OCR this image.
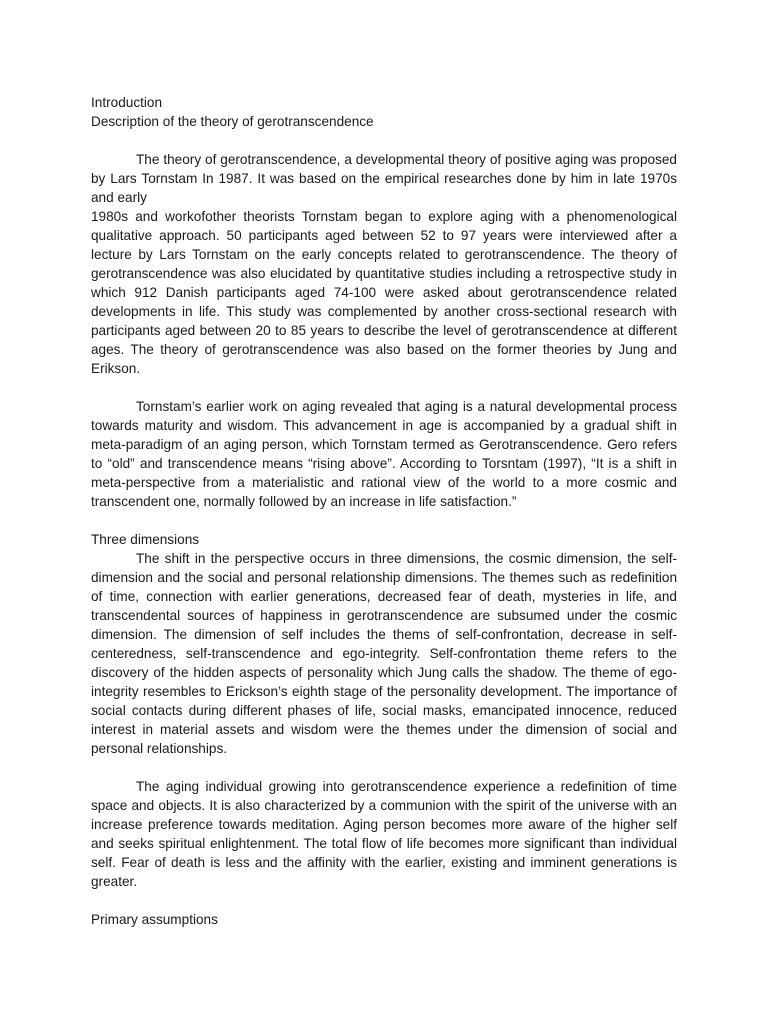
Introduction

Description of the theory of gerotranscendence

The theory of gerotranscendence, a developmental theory of positive aging was proposed by Lars Tornstam In 1987. It was based on the empirical researches done by him in late 1970s and early

1980s and workofother theorists Tornstam began to explore aging with a phenomenological qualitative approach. 50 participants aged between 52 to 97 years were interviewed after a lecture by Lars Tornstam on the early concepts related to gerotranscendence. The theory of gerotranscendence was also elucidated by quantitative studies including a retrospective study in which 912 Danish participants aged 74-100 were asked about gerotranscendence related developments in life. This study was complemented by another cross-sectional research with participants aged between 20 to 85 years to describe the level of gerotranscendence at different ages. The theory of gerotranscendence was also based on the former theories by Jung and Erikson.

Tornstam’s earlier work on aging revealed that aging is a natural developmental process towards maturity and wisdom. This advancement in age is accompanied by a gradual shift in meta-paradigm of an aging person, which Tornstam termed as Gerotranscendence. Gero refers to “old” and transcendence means “rising above”. According to Torsntam (1997), “It is a shift in meta-perspective from a materialistic and rational view of the world to a more cosmic and transcendent one, normally followed by an increase in life satisfaction.”

Three dimensions

The shift in the perspective occurs in three dimensions, the cosmic dimension, the self-dimension and the social and personal relationship dimensions. The themes such as redefinition of time, connection with earlier generations, decreased fear of death, mysteries in life, and transcendental sources of happiness in gerotranscendence are subsumed under the cosmic dimension. The dimension of self includes the thems of self-confrontation, decrease in self-centeredness, self-transcendence and ego-integrity. Self-confrontation theme refers to the discovery of the hidden aspects of personality which Jung calls the shadow. The theme of ego-integrity resembles to Erickson’s eighth stage of the personality development. The importance of social contacts during different phases of life, social masks, emancipated innocence, reduced interest in material assets and wisdom were the themes under the dimension of social and personal relationships.

The aging individual growing into gerotranscendence experience a redefinition of time space and objects. It is also characterized by a communion with the spirit of the universe with an increase preference towards meditation. Aging person becomes more aware of the higher self and seeks spiritual enlightenment. The total flow of life becomes more significant than individual self. Fear of death is less and the affinity with the earlier, existing and imminent generations is greater.

Primary assumptions
